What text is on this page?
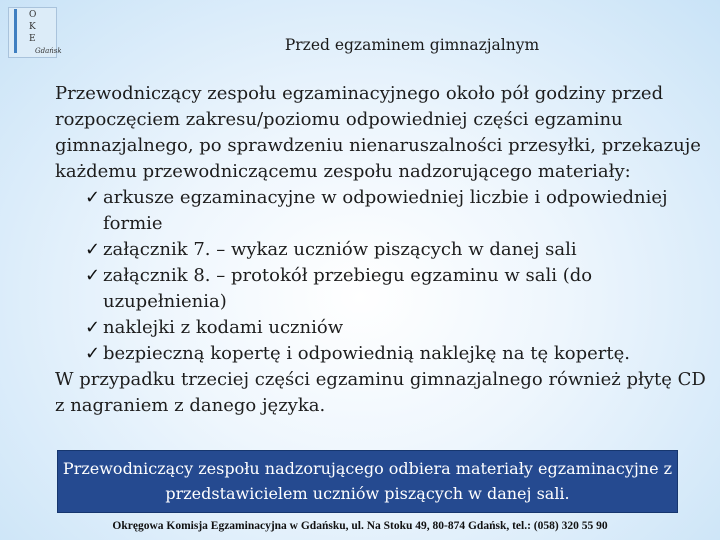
O
K
E
Gdańsk	Przed egzaminem gimnazjalnym

Przewodniczący zespołu egzaminacyjnego około pół godziny przed rozpoczęciem zakresu/poziomu odpowiedniej części egzaminu gimnazjalnego, po sprawdzeniu nienaruszalności przesyłki, przekazuje każdemu przewodniczącemu zespołu nadzorującego materiały:

✓ arkusze egzaminacyjne w odpowiedniej liczbie i odpowiedniej formie
✓ załącznik 7. – wykaz uczniów piszących w danej sali
✓ załącznik 8. – protokół przebiegu egzaminu w sali (do uzupełnienia)
✓ naklejki z kodami uczniów
✓ bezpieczną kopertę i odpowiednią naklejkę na tę kopertę.

W przypadku trzeciej części egzaminu gimnazjalnego również płytę CD z nagraniem z danego języka.

Przewodniczący zespołu nadzorującego odbiera materiały egzaminacyjne z przedstawicielem uczniów piszących w danej sali.
Okręgowa Komisja Egzaminacyjna w Gdańsku, ul. Na Stoku 49, 80-874 Gdańsk, tel.: (058) 320 55 90
